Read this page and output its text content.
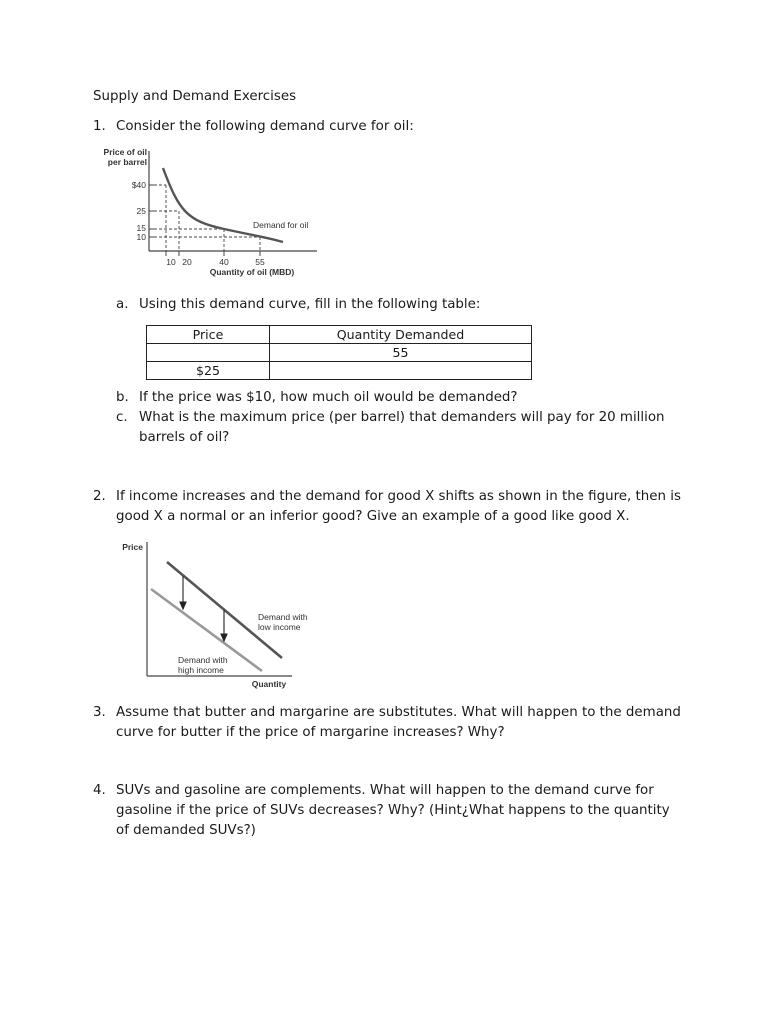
Supply and Demand Exercises
1. Consider the following demand curve for oil:
Price of oil
per barrel
$40
25
15
10
10 20	40	55
Quantity of oil (MBD)
Demand for oil
a. Using this demand curve, fill in the following table:
Price	Quantity Demanded
	55
$25	
b. If the price was $10, how much oil would be demanded?
c. What is the maximum price (per barrel) that demanders will pay for 20 million
barrels of oil?
2. If income increases and the demand for good X shifts as shown in the figure, then is
good X a normal or an inferior good? Give an example of a good like good X.
Price
Quantity
Demand with
low income
Demand with
high income
3. Assume that butter and margarine are substitutes. What will happen to the demand
curve for butter if the price of margarine increases? Why?
4. SUVs and gasoline are complements. What will happen to the demand curve for
gasoline if the price of SUVs decreases? Why? (Hint¿What happens to the quantity
of demanded SUVs?)
